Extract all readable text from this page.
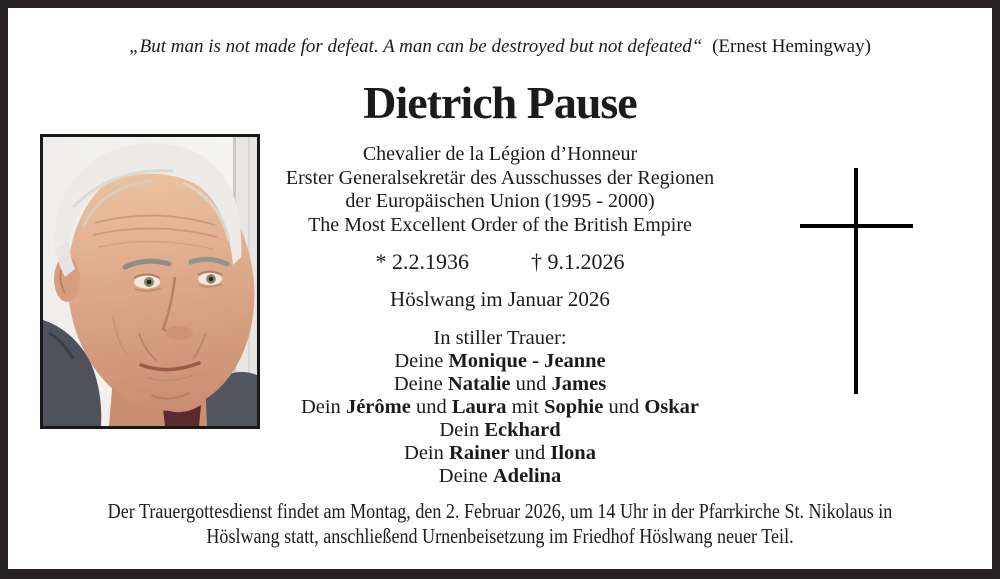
„But man is not made for defeat. A man can be destroyed but not defeated“ (Ernest Hemingway)
Dietrich Pause
Chevalier de la Légion d’Honneur
Erster Generalsekretär des Ausschusses der Regionen
der Europäischen Union (1995 - 2000)
The Most Excellent Order of the British Empire
* 2.2.1936	† 9.1.2026
Höslwang im Januar 2026
In stiller Trauer:
Deine Monique - Jeanne
Deine Natalie und James
Dein Jérôme und Laura mit Sophie und Oskar
Dein Eckhard
Dein Rainer und Ilona
Deine Adelina
Der Trauergottesdienst findet am Montag, den 2. Februar 2026, um 14 Uhr in der Pfarrkirche St. Nikolaus in
Höslwang statt, anschließend Urnenbeisetzung im Friedhof Höslwang neuer Teil.
